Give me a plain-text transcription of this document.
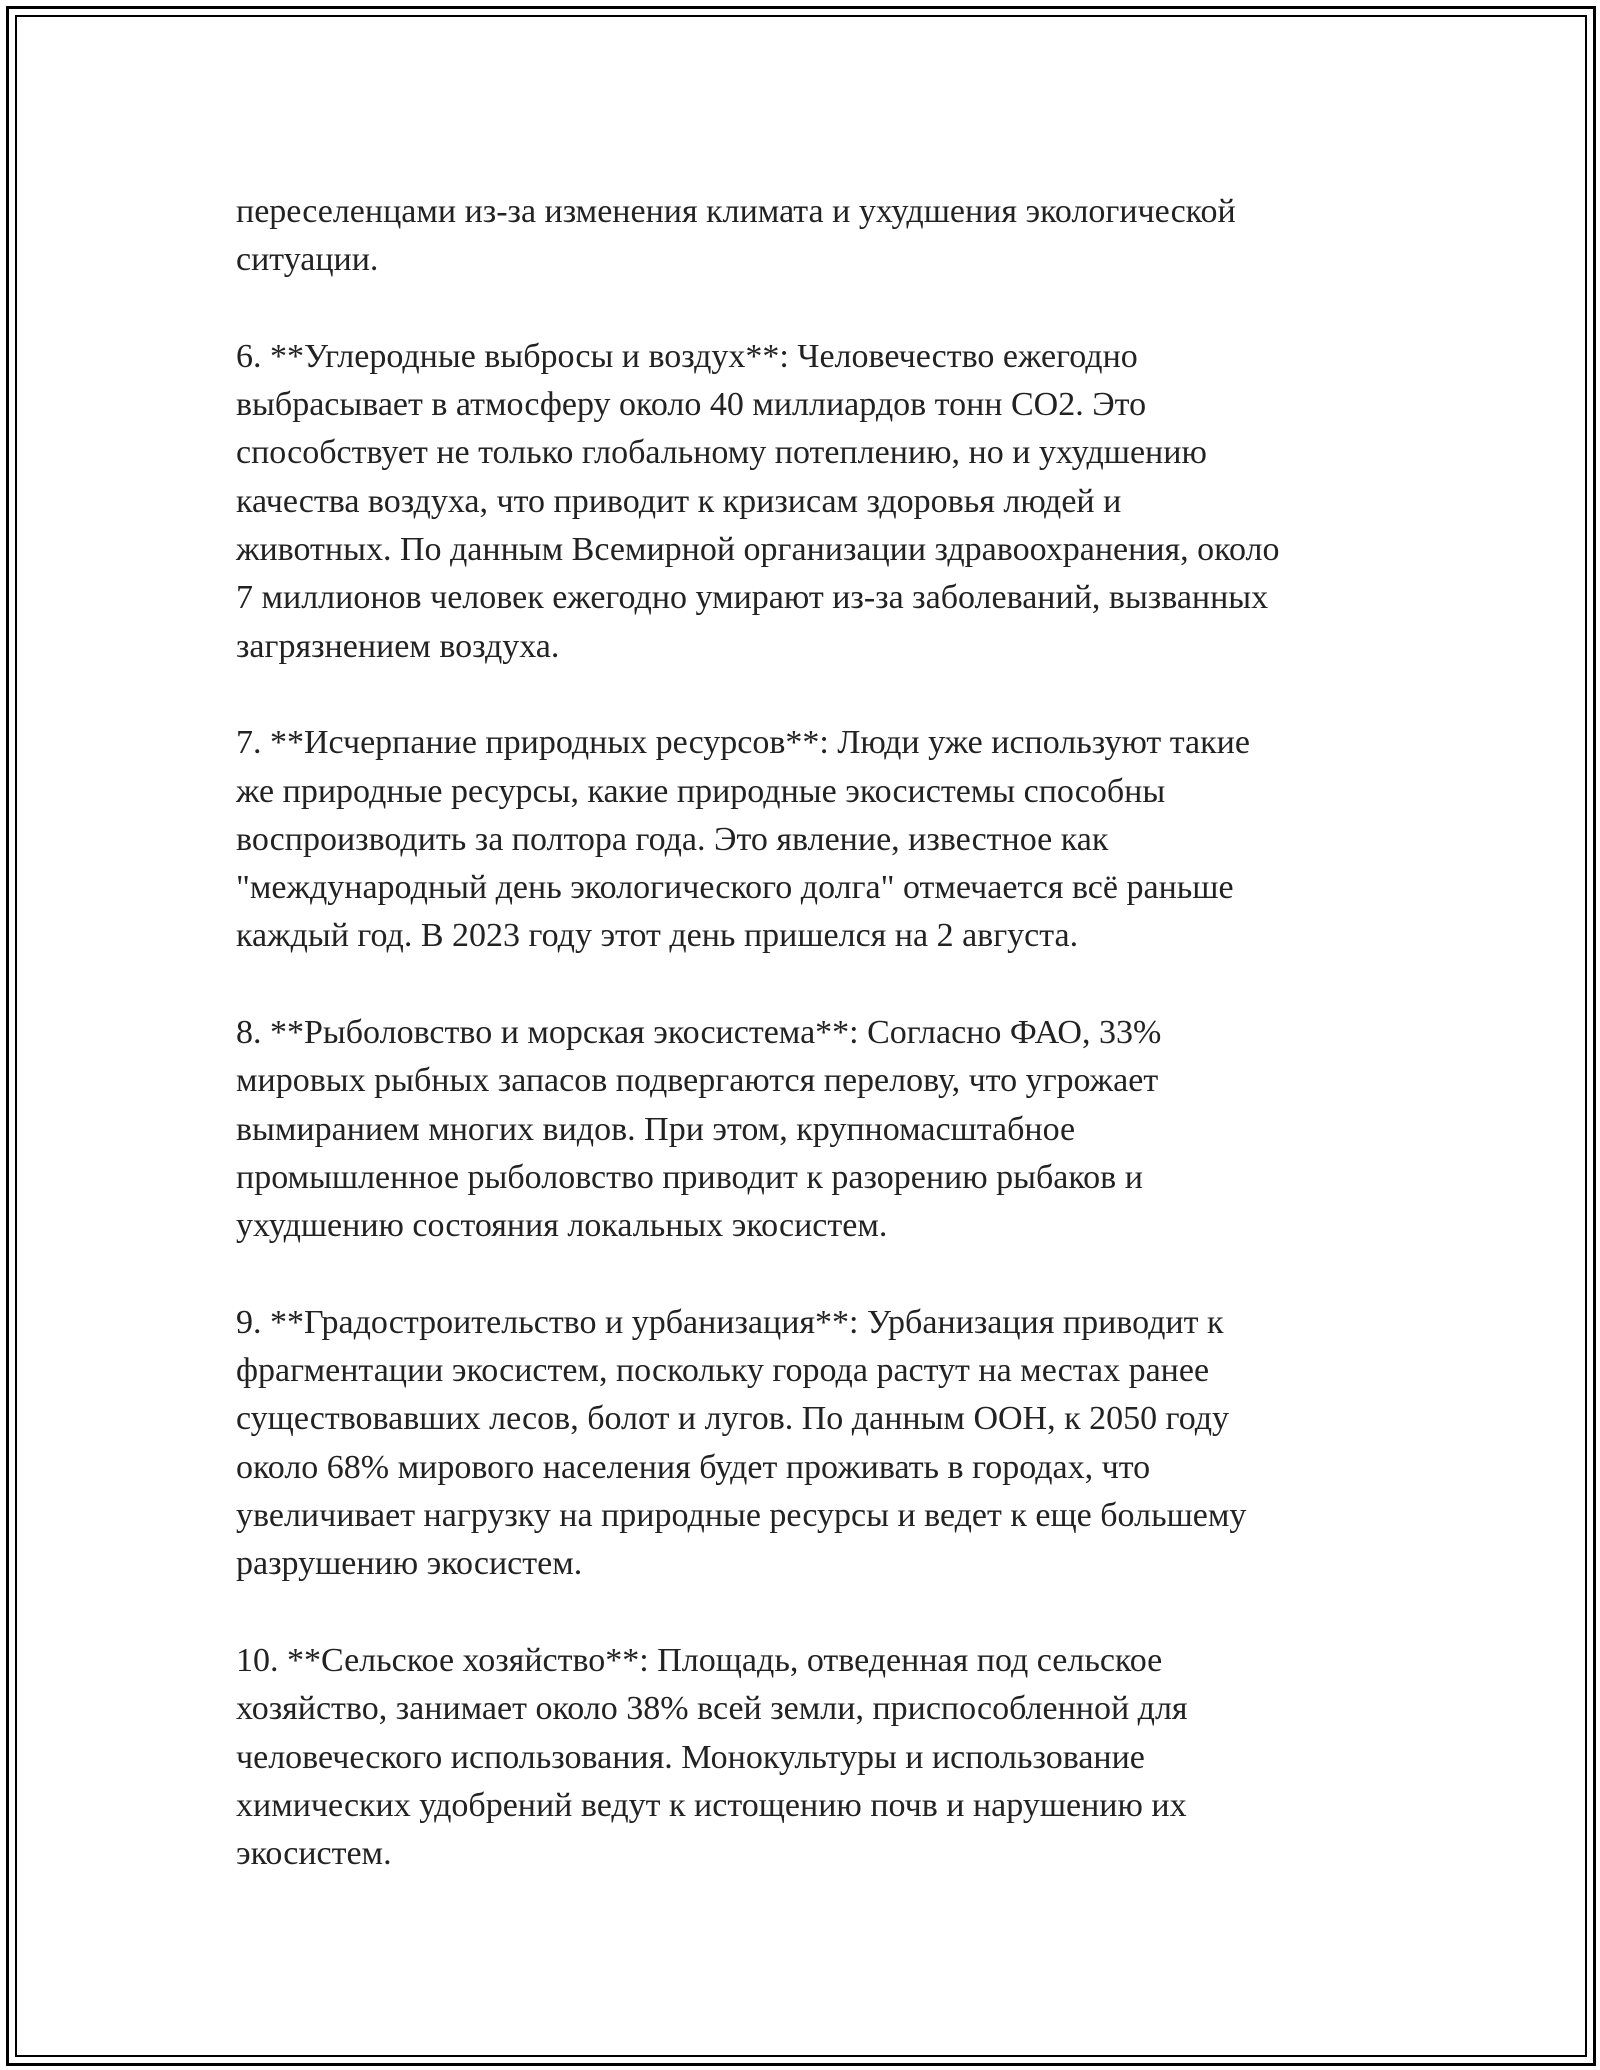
переселенцами из-за изменения климата и ухудшения экологической
ситуации.

6. **Углеродные выбросы и воздух**: Человечество ежегодно
выбрасывает в атмосферу около 40 миллиардов тонн CO2. Это
способствует не только глобальному потеплению, но и ухудшению
качества воздуха, что приводит к кризисам здоровья людей и
животных. По данным Всемирной организации здравоохранения, около
7 миллионов человек ежегодно умирают из-за заболеваний, вызванных
загрязнением воздуха.

7. **Исчерпание природных ресурсов**: Люди уже используют такие
же природные ресурсы, какие природные экосистемы способны
воспроизводить за полтора года. Это явление, известное как
"международный день экологического долга" отмечается всё раньше
каждый год. В 2023 году этот день пришелся на 2 августа.

8. **Рыболовство и морская экосистема**: Согласно ФАО, 33%
мировых рыбных запасов подвергаются перелову, что угрожает
вымиранием многих видов. При этом, крупномасштабное
промышленное рыболовство приводит к разорению рыбаков и
ухудшению состояния локальных экосистем.

9. **Градостроительство и урбанизация**: Урбанизация приводит к
фрагментации экосистем, поскольку города растут на местах ранее
существовавших лесов, болот и лугов. По данным ООН, к 2050 году
около 68% мирового населения будет проживать в городах, что
увеличивает нагрузку на природные ресурсы и ведет к еще большему
разрушению экосистем.

10. **Сельское хозяйство**: Площадь, отведенная под сельское
хозяйство, занимает около 38% всей земли, приспособленной для
человеческого использования. Монокультуры и использование
химических удобрений ведут к истощению почв и нарушению их
экосистем.
